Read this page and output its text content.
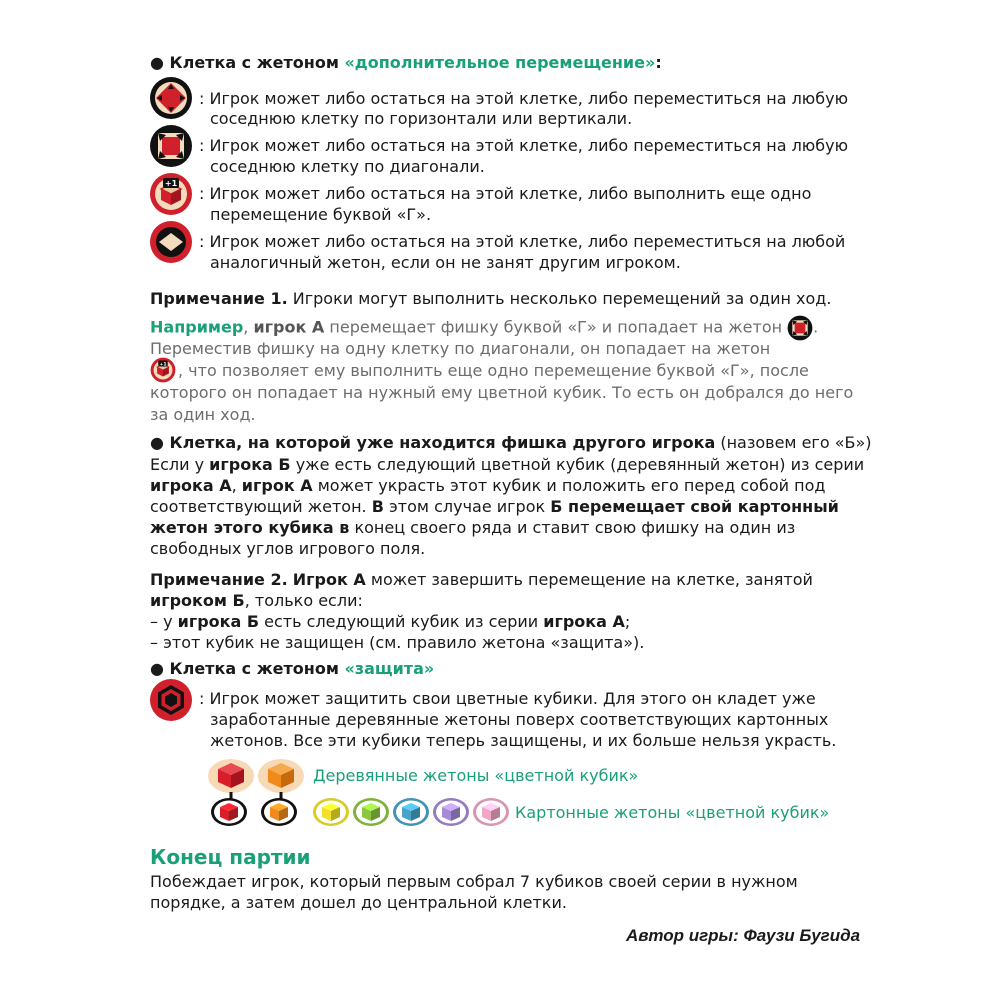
● Клетка с жетоном «дополнительное перемещение»:
: Игрок может либо остаться на этой клетке, либо переместиться на любую
соседнюю клетку по горизонтали или вертикали.
: Игрок может либо остаться на этой клетке, либо переместиться на любую
соседнюю клетку по диагонали.
+1
: Игрок может либо остаться на этой клетке, либо выполнить еще одно
перемещение буквой «Г».
: Игрок может либо остаться на этой клетке, либо переместиться на любой
аналогичный жетон, если он не занят другим игроком.
Примечание 1. Игроки могут выполнить несколько перемещений за один ход.
Например, игрок А перемещает фишку буквой «Г» и попадает на жетон .
Переместив фишку на одну клетку по диагонали, он попадает на жетон
+1 , что позволяет ему выполнить еще одно перемещение буквой «Г», после
которого он попадает на нужный ему цветной кубик. То есть он добрался до него
за один ход.
● Клетка, на которой уже находится фишка другого игрока (назовем его «Б»)
Если у игрока Б уже есть следующий цветной кубик (деревянный жетон) из серии
игрока А, игрок А может украсть этот кубик и положить его перед собой под
соответствующий жетон. В этом случае игрок Б перемещает свой картонный
жетон этого кубика в конец своего ряда и ставит свою фишку на один из
свободных углов игрового поля.
Примечание 2. Игрок А может завершить перемещение на клетке, занятой
игроком Б, только если:
– у игрока Б есть следующий кубик из серии игрока А;
– этот кубик не защищен (см. правило жетона «защита»).
● Клетка с жетоном «защита»
: Игрок может защитить свои цветные кубики. Для этого он кладет уже
заработанные деревянные жетоны поверх соответствующих картонных
жетонов. Все эти кубики теперь защищены, и их больше нельзя украсть.
Деревянные жетоны «цветной кубик»
Картонные жетоны «цветной кубик»
Конец партии
Побеждает игрок, который первым собрал 7 кубиков своей серии в нужном
порядке, а затем дошел до центральной клетки.
Автор игры: Фаузи Бугида
